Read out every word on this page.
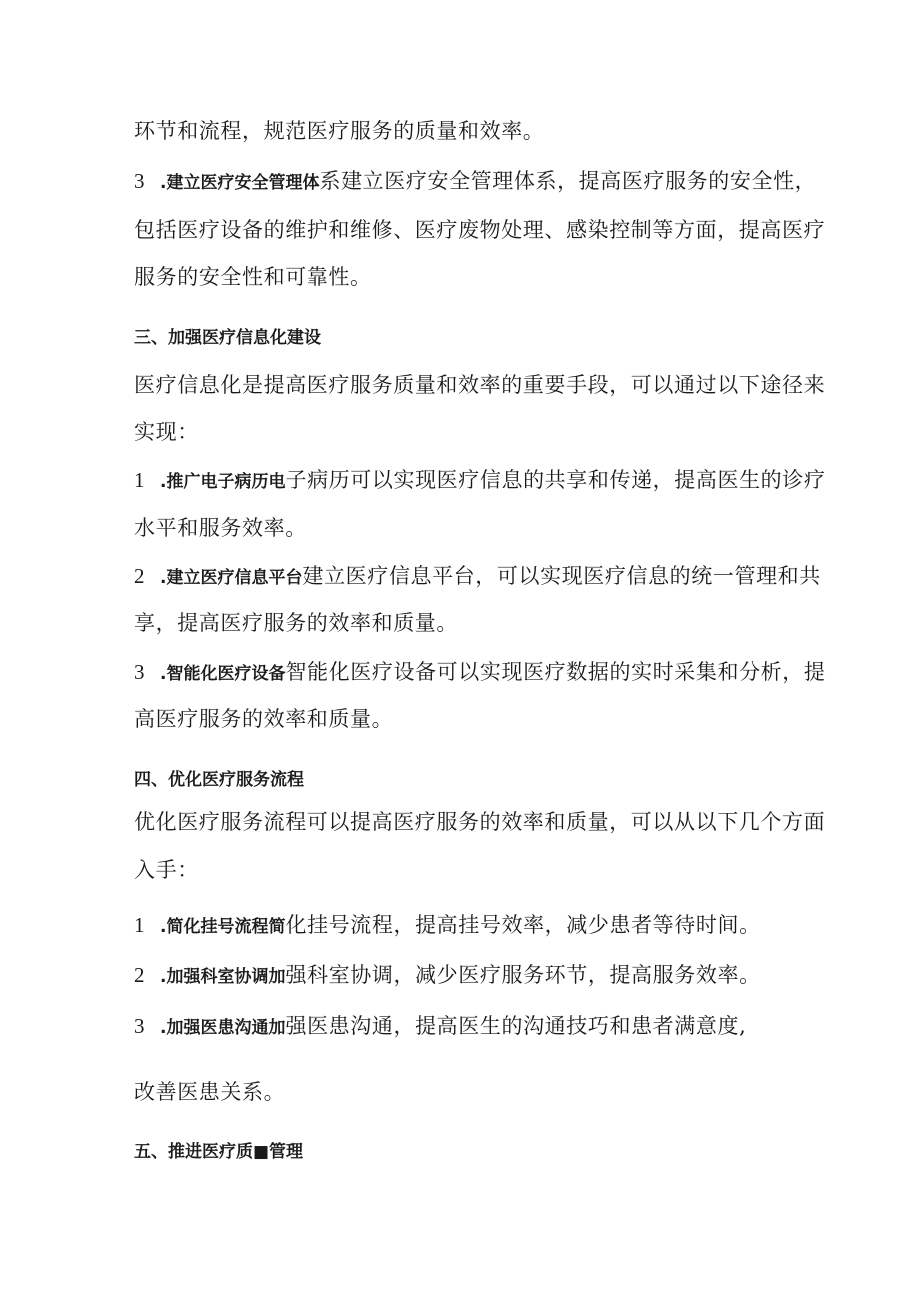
环节和流程，规范医疗服务的质量和效率。
3 .建立医疗安全管理体系建立医疗安全管理体系，提高医疗服务的安全性，
包括医疗设备的维护和维修、医疗废物处理、感染控制等方面，提高医疗
服务的安全性和可靠性。
三、加强医疗信息化建设
医疗信息化是提高医疗服务质量和效率的重要手段，可以通过以下途径来
实现：
1 .推广电子病历电子病历可以实现医疗信息的共享和传递，提高医生的诊疗
水平和服务效率。
2 .建立医疗信息平台建立医疗信息平台，可以实现医疗信息的统一管理和共
享，提高医疗服务的效率和质量。
3 .智能化医疗设备智能化医疗设备可以实现医疗数据的实时采集和分析，提
高医疗服务的效率和质量。
四、优化医疗服务流程
优化医疗服务流程可以提高医疗服务的效率和质量，可以从以下几个方面
入手：
1 .简化挂号流程简化挂号流程，提高挂号效率，减少患者等待时间。
2 .加强科室协调加强科室协调，减少医疗服务环节，提高服务效率。
3 .加强医患沟通加强医患沟通，提高医生的沟通技巧和患者满意度,
改善医患关系。
五、推进医疗质■管理
